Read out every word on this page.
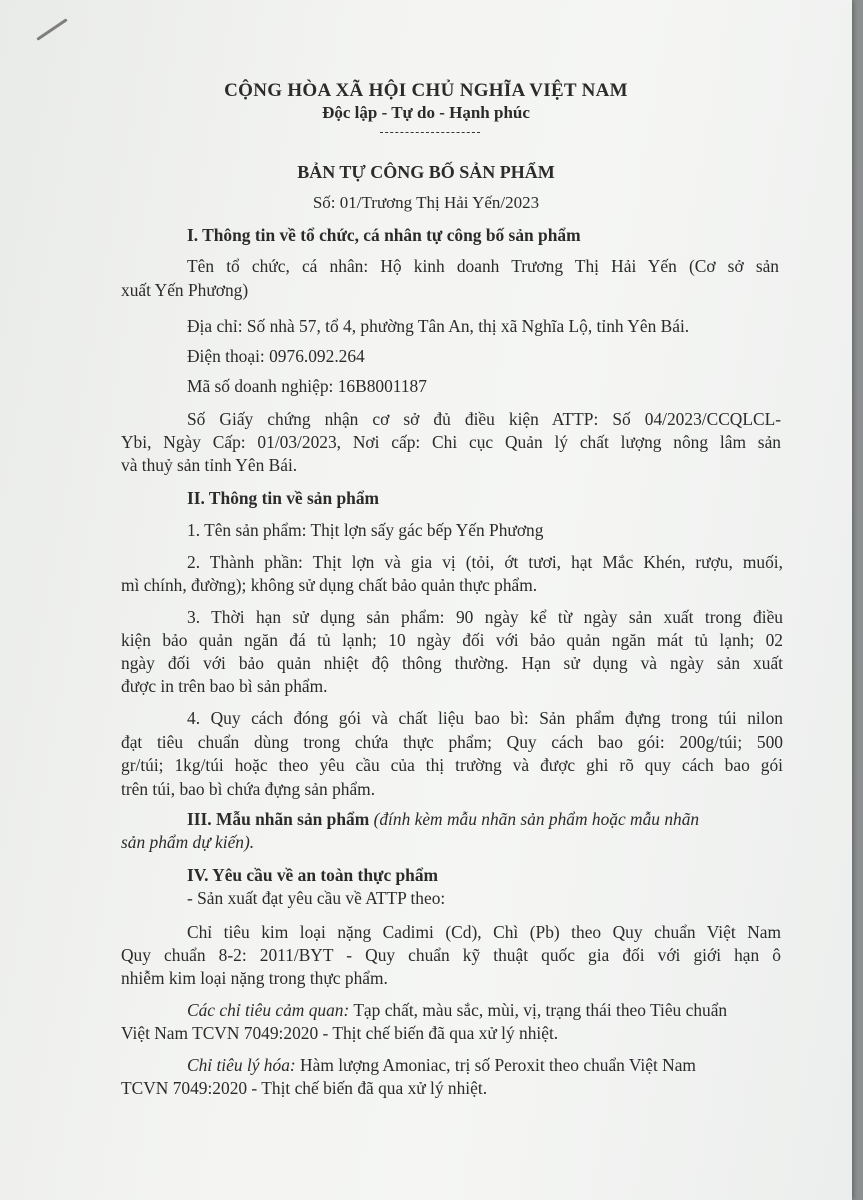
CỘNG HÒA XÃ HỘI CHỦ NGHĨA VIỆT NAM
Độc lập - Tự do - Hạnh phúc
BẢN TỰ CÔNG BỐ SẢN PHẨM
Số: 01/Trương Thị Hải Yến/2023
I. Thông tin về tổ chức, cá nhân tự công bố sản phẩm
Tên tổ chức, cá nhân: Hộ kinh doanh Trương Thị Hải Yến (Cơ sở sản
xuất Yến Phương)
Địa chỉ: Số nhà 57, tổ 4, phường Tân An, thị xã Nghĩa Lộ, tỉnh Yên Bái.
Điện thoại: 0976.092.264
Mã số doanh nghiệp: 16B8001187
Số Giấy chứng nhận cơ sở đủ điều kiện ATTP: Số 04/2023/CCQLCL-
Ybi, Ngày Cấp: 01/03/2023, Nơi cấp: Chi cục Quản lý chất lượng nông lâm sản
và thuỷ sản tỉnh Yên Bái.
II. Thông tin về sản phẩm
1. Tên sản phẩm: Thịt lợn sấy gác bếp Yến Phương
2. Thành phần: Thịt lợn và gia vị (tỏi, ớt tươi, hạt Mắc Khén, rượu, muối,
mì chính, đường); không sử dụng chất bảo quản thực phẩm.
3. Thời hạn sử dụng sản phẩm: 90 ngày kể từ ngày sản xuất trong điều
kiện bảo quản ngăn đá tủ lạnh; 10 ngày đối với bảo quản ngăn mát tủ lạnh; 02
ngày đối với bảo quản nhiệt độ thông thường. Hạn sử dụng và ngày sản xuất
được in trên bao bì sản phẩm.
4. Quy cách đóng gói và chất liệu bao bì: Sản phẩm đựng trong túi nilon
đạt tiêu chuẩn dùng trong chứa thực phẩm; Quy cách bao gói: 200g/túi; 500
gr/túi; 1kg/túi hoặc theo yêu cầu của thị trường và được ghi rõ quy cách bao gói
trên túi, bao bì chứa đựng sản phẩm.
III. Mẫu nhãn sản phẩm (đính kèm mẫu nhãn sản phẩm hoặc mẫu nhãn
sản phẩm dự kiến).
IV. Yêu cầu về an toàn thực phẩm
- Sản xuất đạt yêu cầu về ATTP theo:
Chỉ tiêu kim loại nặng Cadimi (Cd), Chì (Pb) theo Quy chuẩn Việt Nam
Quy chuẩn 8-2: 2011/BYT - Quy chuẩn kỹ thuật quốc gia đối với giới hạn ô
nhiễm kim loại nặng trong thực phẩm.
Các chỉ tiêu cảm quan: Tạp chất, màu sắc, mùi, vị, trạng thái theo Tiêu chuẩn
Việt Nam TCVN 7049:2020 - Thịt chế biến đã qua xử lý nhiệt.
Chỉ tiêu lý hóa: Hàm lượng Amoniac, trị số Peroxit theo chuẩn Việt Nam
TCVN 7049:2020 - Thịt chế biến đã qua xử lý nhiệt.
